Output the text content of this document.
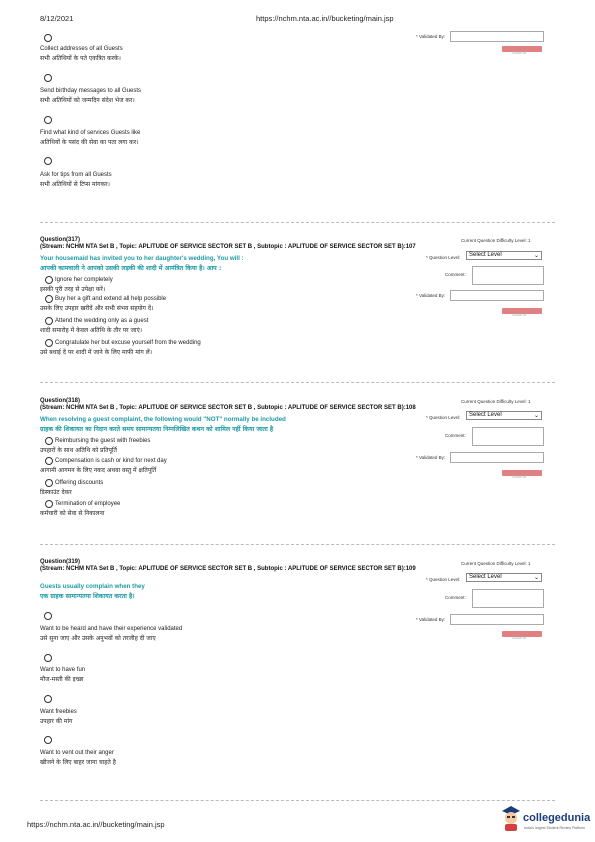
8/12/2021	https://nchm.nta.ac.in//bucketing/main.jsp
Collect addresses of all Guests
सभी अतिथियों के पते एकत्रित करके।
Send birthday messages to all Guests
सभी अतिथियों को जन्मदिन संदेश भेज कर।
Find what kind of services Guests like
अतिथियों के पसंद की सेवा का पता लगा कर।
Ask for tips from all Guests
सभी अतिथियों से टिप्स मांगकर।
* Validated By:
Submit
Question(317)	Current Question Difficulty Level: 1
(Stream: NCHM NTA Set B , Topic: APLITUDE OF SERVICE SECTOR SET B , Subtopic : APLITUDE OF SERVICE SECTOR SET B):107
Your housemaid has invited you to her daughter's wedding, You will :
आपकी कामवाली ने आपको उसकी लड़की की शादी में आमंत्रित किया है। आप :
* Question Level:	Select Level	⌄
Comment:
* Validated By:
Submit
Ignore her completely
इसकी पूरी तरह से उपेक्षा करें।
Buy her a gift and extend all help possible
उसके लिए उपहार खरीदें और सभी संभव सहयोग दें।
Attend the wedding only as a guest
शादी समारोह में केवल अतिथि के तौर पर जाएं।
Congratulate her but excuse yourself from the wedding
उसे बधाई दें पर शादी में जाने के लिए माफी मांग लें।
Question(318)	Current Question Difficulty Level: 1
(Stream: NCHM NTA Set B , Topic: APLITUDE OF SERVICE SECTOR SET B , Subtopic : APLITUDE OF SERVICE SECTOR SET B):108
When resolving a guest complaint, the following would "NOT" normally be included
ग्राहक की शिकायत का निदान करते समय सामान्यतया निम्नलिखित कथन को शामिल नहीं किया जाता है
* Question Level:	Select Level	⌄
Comment:
* Validated By:
Submit
Reimbursing the guest with freebies
उपहारों के साथ अतिथि को प्रतिपूर्ति
Compensation is cash or kind for next day
आगामी आगमन के लिए नकद अथवा वस्तु में क्षतिपूर्ति
Offering discounts
डिस्काउंट देकर
Termination of employee
कर्मचारी को सेवा से निकालना
Question(319)	Current Question Difficulty Level: 1
(Stream: NCHM NTA Set B , Topic: APLITUDE OF SERVICE SECTOR SET B , Subtopic : APLITUDE OF SERVICE SECTOR SET B):109
Guests usually complain when they
एक ग्राहक सामान्यतया शिकायत करता है।
* Question Level:	Select Level	⌄
Comment:
* Validated By:
Submit
Want to be heard and have their experience validated
उसे सुना जाए और उसके अनुभवों को तरजीह दी जाए
Want to have fun
मौज-मस्ती की इच्छा
Want freebies
उपहार की मांग
Want to vent out their anger
खीजने के लिए बाहर जाना चाहते है
https://nchm.nta.ac.in//bucketing/main.jsp
collegedunia
India's largest Student Review Platform
